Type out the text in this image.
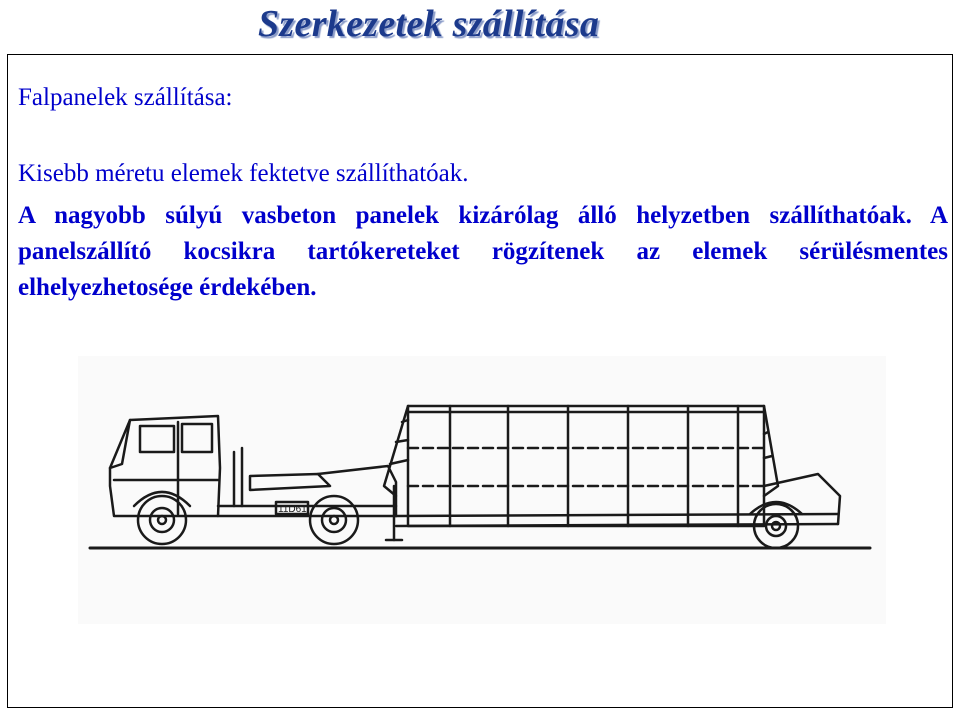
Szerkezetek szállítása
Falpanelek szállítása:
Kisebb méretu elemek fektetve szállíthatóak.
A nagyobb súlyú vasbeton panelek kizárólag álló helyzetben szállíthatóak. A panelszállító kocsikra tartókereteket rögzítenek az elemek sérülésmentes elhelyezhetosége érdekében.
11D61
